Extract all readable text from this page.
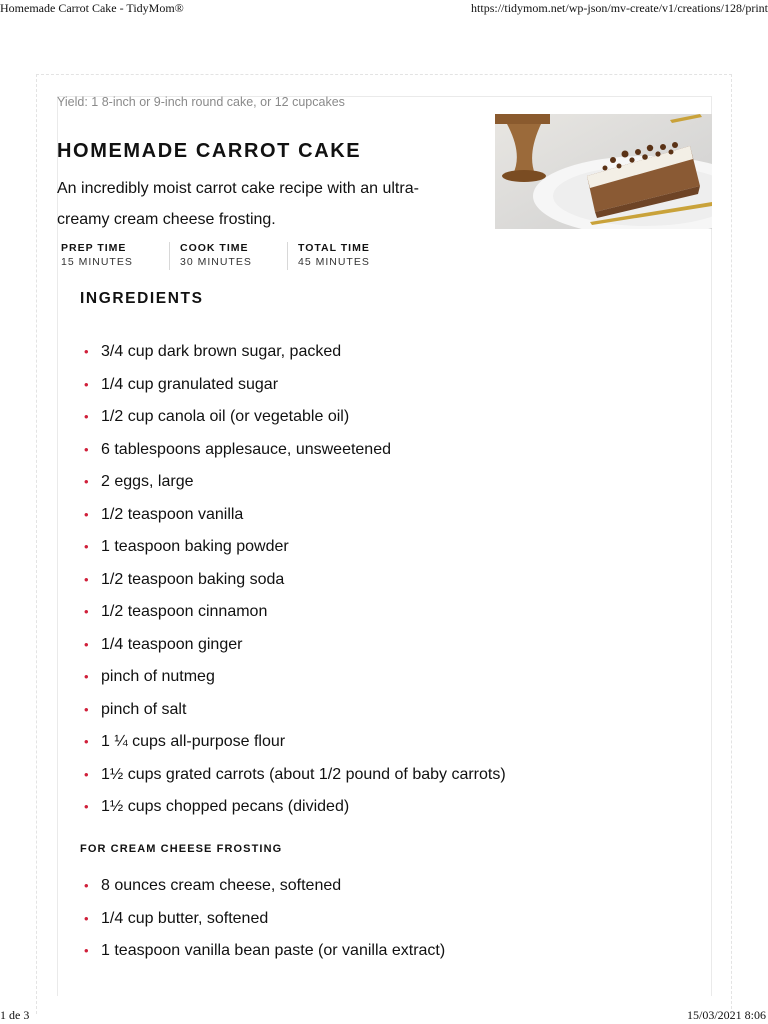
Homemade Carrot Cake - TidyMom®	https://tidymom.net/wp-json/mv-create/v1/creations/128/print
Yield: 1 8-inch or 9-inch round cake, or 12 cupcakes
HOMEMADE CARROT CAKE

An incredibly moist carrot cake recipe with an ultra-creamy cream cheese frosting.

PREP TIME
15 MINUTES
COOK TIME
30 MINUTES
TOTAL TIME
45 MINUTES
INGREDIENTS
• 3/4 cup dark brown sugar, packed
• 1/4 cup granulated sugar
• 1/2 cup canola oil (or vegetable oil)
• 6 tablespoons applesauce, unsweetened
• 2 eggs, large
• 1/2 teaspoon vanilla
• 1 teaspoon baking powder
• 1/2 teaspoon baking soda
• 1/2 teaspoon cinnamon
• 1/4 teaspoon ginger
• pinch of nutmeg
• pinch of salt
• 1 ¼ cups all-purpose flour
• 1½ cups grated carrots (about 1/2 pound of baby carrots)
• 1½ cups chopped pecans (divided)
FOR CREAM CHEESE FROSTING
• 8 ounces cream cheese, softened
• 1/4 cup butter, softened
• 1 teaspoon vanilla bean paste (or vanilla extract)
1 de 3	15/03/2021 8:06
